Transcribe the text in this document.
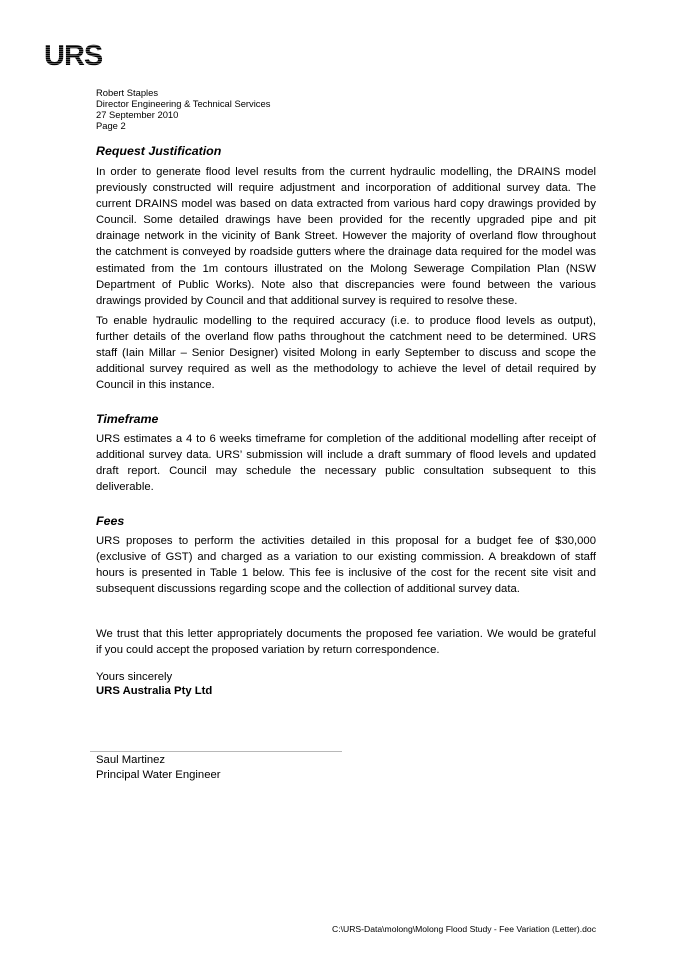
URS
Robert Staples
Director Engineering & Technical Services
27 September 2010
Page 2
Request Justification
In order to generate flood level results from the current hydraulic modelling, the DRAINS model
previously constructed will require adjustment and incorporation of additional survey data. The
current DRAINS model was based on data extracted from various hard copy drawings provided by
Council. Some detailed drawings have been provided for the recently upgraded pipe and pit
drainage network in the vicinity of Bank Street. However the majority of overland flow throughout
the catchment is conveyed by roadside gutters where the drainage data required for the model was
estimated from the 1m contours illustrated on the Molong Sewerage Compilation Plan (NSW
Department of Public Works). Note also that discrepancies were found between the various
drawings provided by Council and that additional survey is required to resolve these.
To enable hydraulic modelling to the required accuracy (i.e. to produce flood levels as output),
further details of the overland flow paths throughout the catchment need to be determined. URS
staff (Iain Millar – Senior Designer) visited Molong in early September to discuss and scope the
additional survey required as well as the methodology to achieve the level of detail required by
Council in this instance.
Timeframe
URS estimates a 4 to 6 weeks timeframe for completion of the additional modelling after receipt of
additional survey data. URS’ submission will include a draft summary of flood levels and updated
draft report. Council may schedule the necessary public consultation subsequent to this
deliverable.
Fees
URS proposes to perform the activities detailed in this proposal for a budget fee of $30,000
(exclusive of GST) and charged as a variation to our existing commission. A breakdown of staff
hours is presented in Table 1 below. This fee is inclusive of the cost for the recent site visit and
subsequent discussions regarding scope and the collection of additional survey data.
We trust that this letter appropriately documents the proposed fee variation. We would be grateful
if you could accept the proposed variation by return correspondence.
Yours sincerely
URS Australia Pty Ltd
Saul Martinez
Principal Water Engineer
C:\URS-Data\molong\Molong Flood Study - Fee Variation (Letter).doc
